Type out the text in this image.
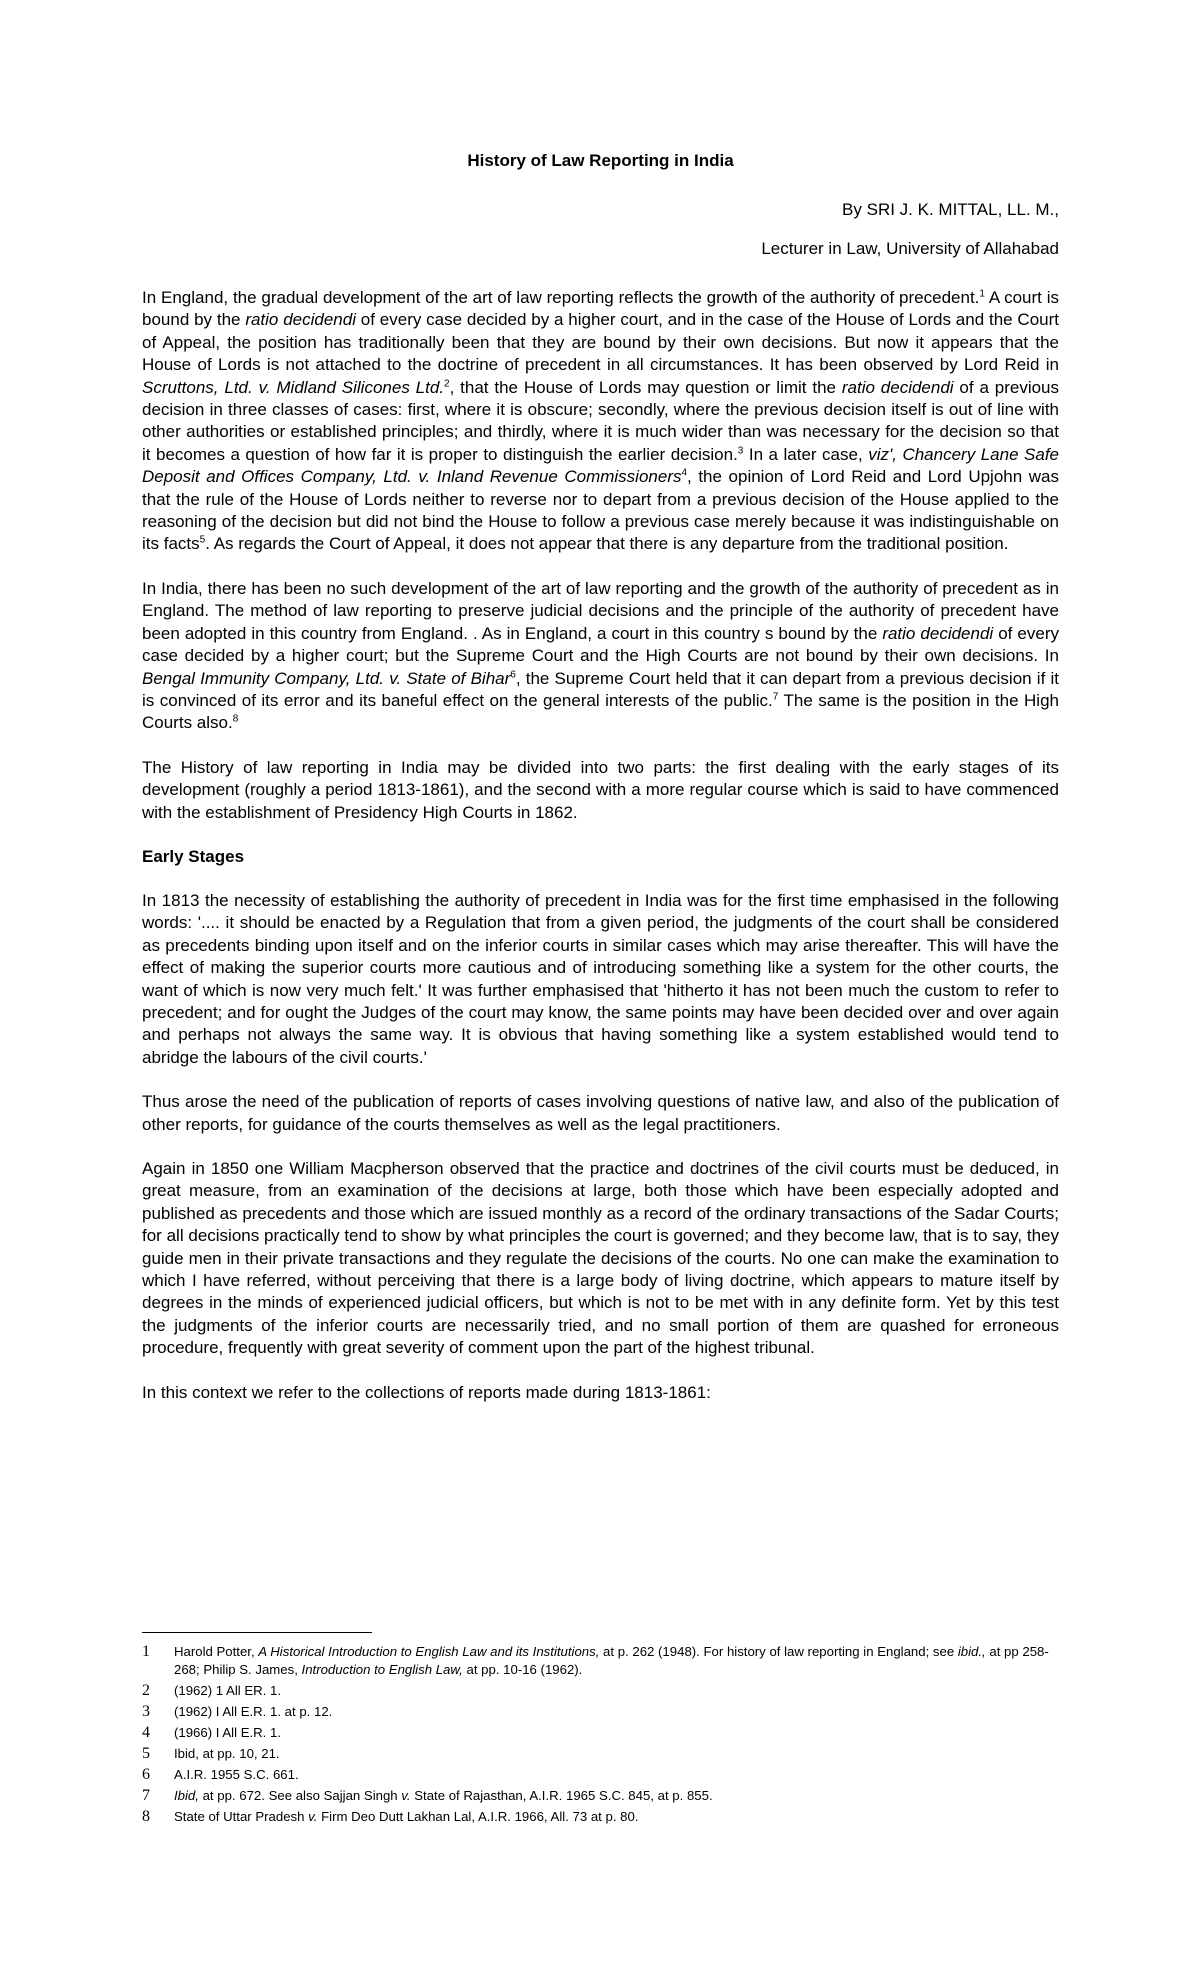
History of Law Reporting in India
By SRI J. K. MITTAL, LL. M.,
Lecturer in Law, University of Allahabad

In England, the gradual development of the art of law reporting reflects the growth of the authority of precedent.$^1$ A court is bound by the ratio decidendi of every case decided by a higher court, and in the case of the House of Lords and the Court of Appeal, the position has traditionally been that they are bound by their own decisions. But now it appears that the House of Lords is not attached to the doctrine of precedent in all circumstances. It has been observed by Lord Reid in Scruttons, Ltd. v. Midland Silicones Ltd.$^2$, that the House of Lords may question or limit the ratio decidendi of a previous decision in three classes of cases: first, where it is obscure; secondly, where the previous decision itself is out of line with other authorities or established principles; and thirdly, where it is much wider than was necessary for the decision so that it becomes a question of how far it is proper to distinguish the earlier decision.$^3$ In a later case, viz', Chancery Lane Safe Deposit and Offices Company, Ltd. v. Inland Revenue Commissioners$^4$, the opinion of Lord Reid and Lord Upjohn was that the rule of the House of Lords neither to reverse nor to depart from a previous decision of the House applied to the reasoning of the decision but did not bind the House to follow a previous case merely because it was indistinguishable on its facts$^5$. As regards the Court of Appeal, it does not appear that there is any departure from the traditional position.

In India, there has been no such development of the art of law reporting and the growth of the authority of precedent as in England. The method of law reporting to preserve judicial decisions and the principle of the authority of precedent have been adopted in this country from England. . As in England, a court in this country s bound by the ratio decidendi of every case decided by a higher court; but the Supreme Court and the High Courts are not bound by their own decisions. In Bengal Immunity Company, Ltd. v. State of Bihar$^6$, the Supreme Court held that it can depart from a previous decision if it is convinced of its error and its baneful effect on the general interests of the public.$^7$ The same is the position in the High Courts also.$^8$

The History of law reporting in India may be divided into two parts: the first dealing with the early stages of its development (roughly a period 1813-1861), and the second with a more regular course which is said to have commenced with the establishment of Presidency High Courts in 1862.

Early Stages

In 1813 the necessity of establishing the authority of precedent in India was for the first time emphasised in the following words: '.... it should be enacted by a Regulation that from a given period, the judgments of the court shall be considered as precedents binding upon itself and on the inferior courts in similar cases which may arise thereafter. This will have the effect of making the superior courts more cautious and of introducing something like a system for the other courts, the want of which is now very much felt.' It was further emphasised that 'hitherto it has not been much the custom to refer to precedent; and for ought the Judges of the court may know, the same points may have been decided over and over again and perhaps not always the same way. It is obvious that having something like a system established would tend to abridge the labours of the civil courts.'

Thus arose the need of the publication of reports of cases involving questions of native law, and also of the publication of other reports, for guidance of the courts themselves as well as the legal practitioners.

Again in 1850 one William Macpherson observed that the practice and doctrines of the civil courts must be deduced, in great measure, from an examination of the decisions at large, both those which have been especially adopted and published as precedents and those which are issued monthly as a record of the ordinary transactions of the Sadar Courts; for all decisions practically tend to show by what principles the court is governed; and they become law, that is to say, they guide men in their private transactions and they regulate the decisions of the courts. No one can make the examination to which I have referred, without perceiving that there is a large body of living doctrine, which appears to mature itself by degrees in the minds of experienced judicial officers, but which is not to be met with in any definite form. Yet by this test the judgments of the inferior courts are necessarily tried, and no small portion of them are quashed for erroneous procedure, frequently with great severity of comment upon the part of the highest tribunal.

In this context we refer to the collections of reports made during 1813-1861:

1	Harold Potter, A Historical Introduction to English Law and its Institutions, at p. 262 (1948). For history of law reporting in England; see ibid., at pp 258-268; Philip S. James, Introduction to English Law, at pp. 10-16 (1962).
2	(1962) 1 All ER. 1.
3	(1962) I All E.R. 1. at p. 12.
4	(1966) I All E.R. 1.
5	Ibid, at pp. 10, 21.
6	A.I.R. 1955 S.C. 661.
7	Ibid, at pp. 672. See also Sajjan Singh v. State of Rajasthan, A.I.R. 1965 S.C. 845, at p. 855.
8	State of Uttar Pradesh v. Firm Deo Dutt Lakhan Lal, A.I.R. 1966, All. 73 at p. 80.
